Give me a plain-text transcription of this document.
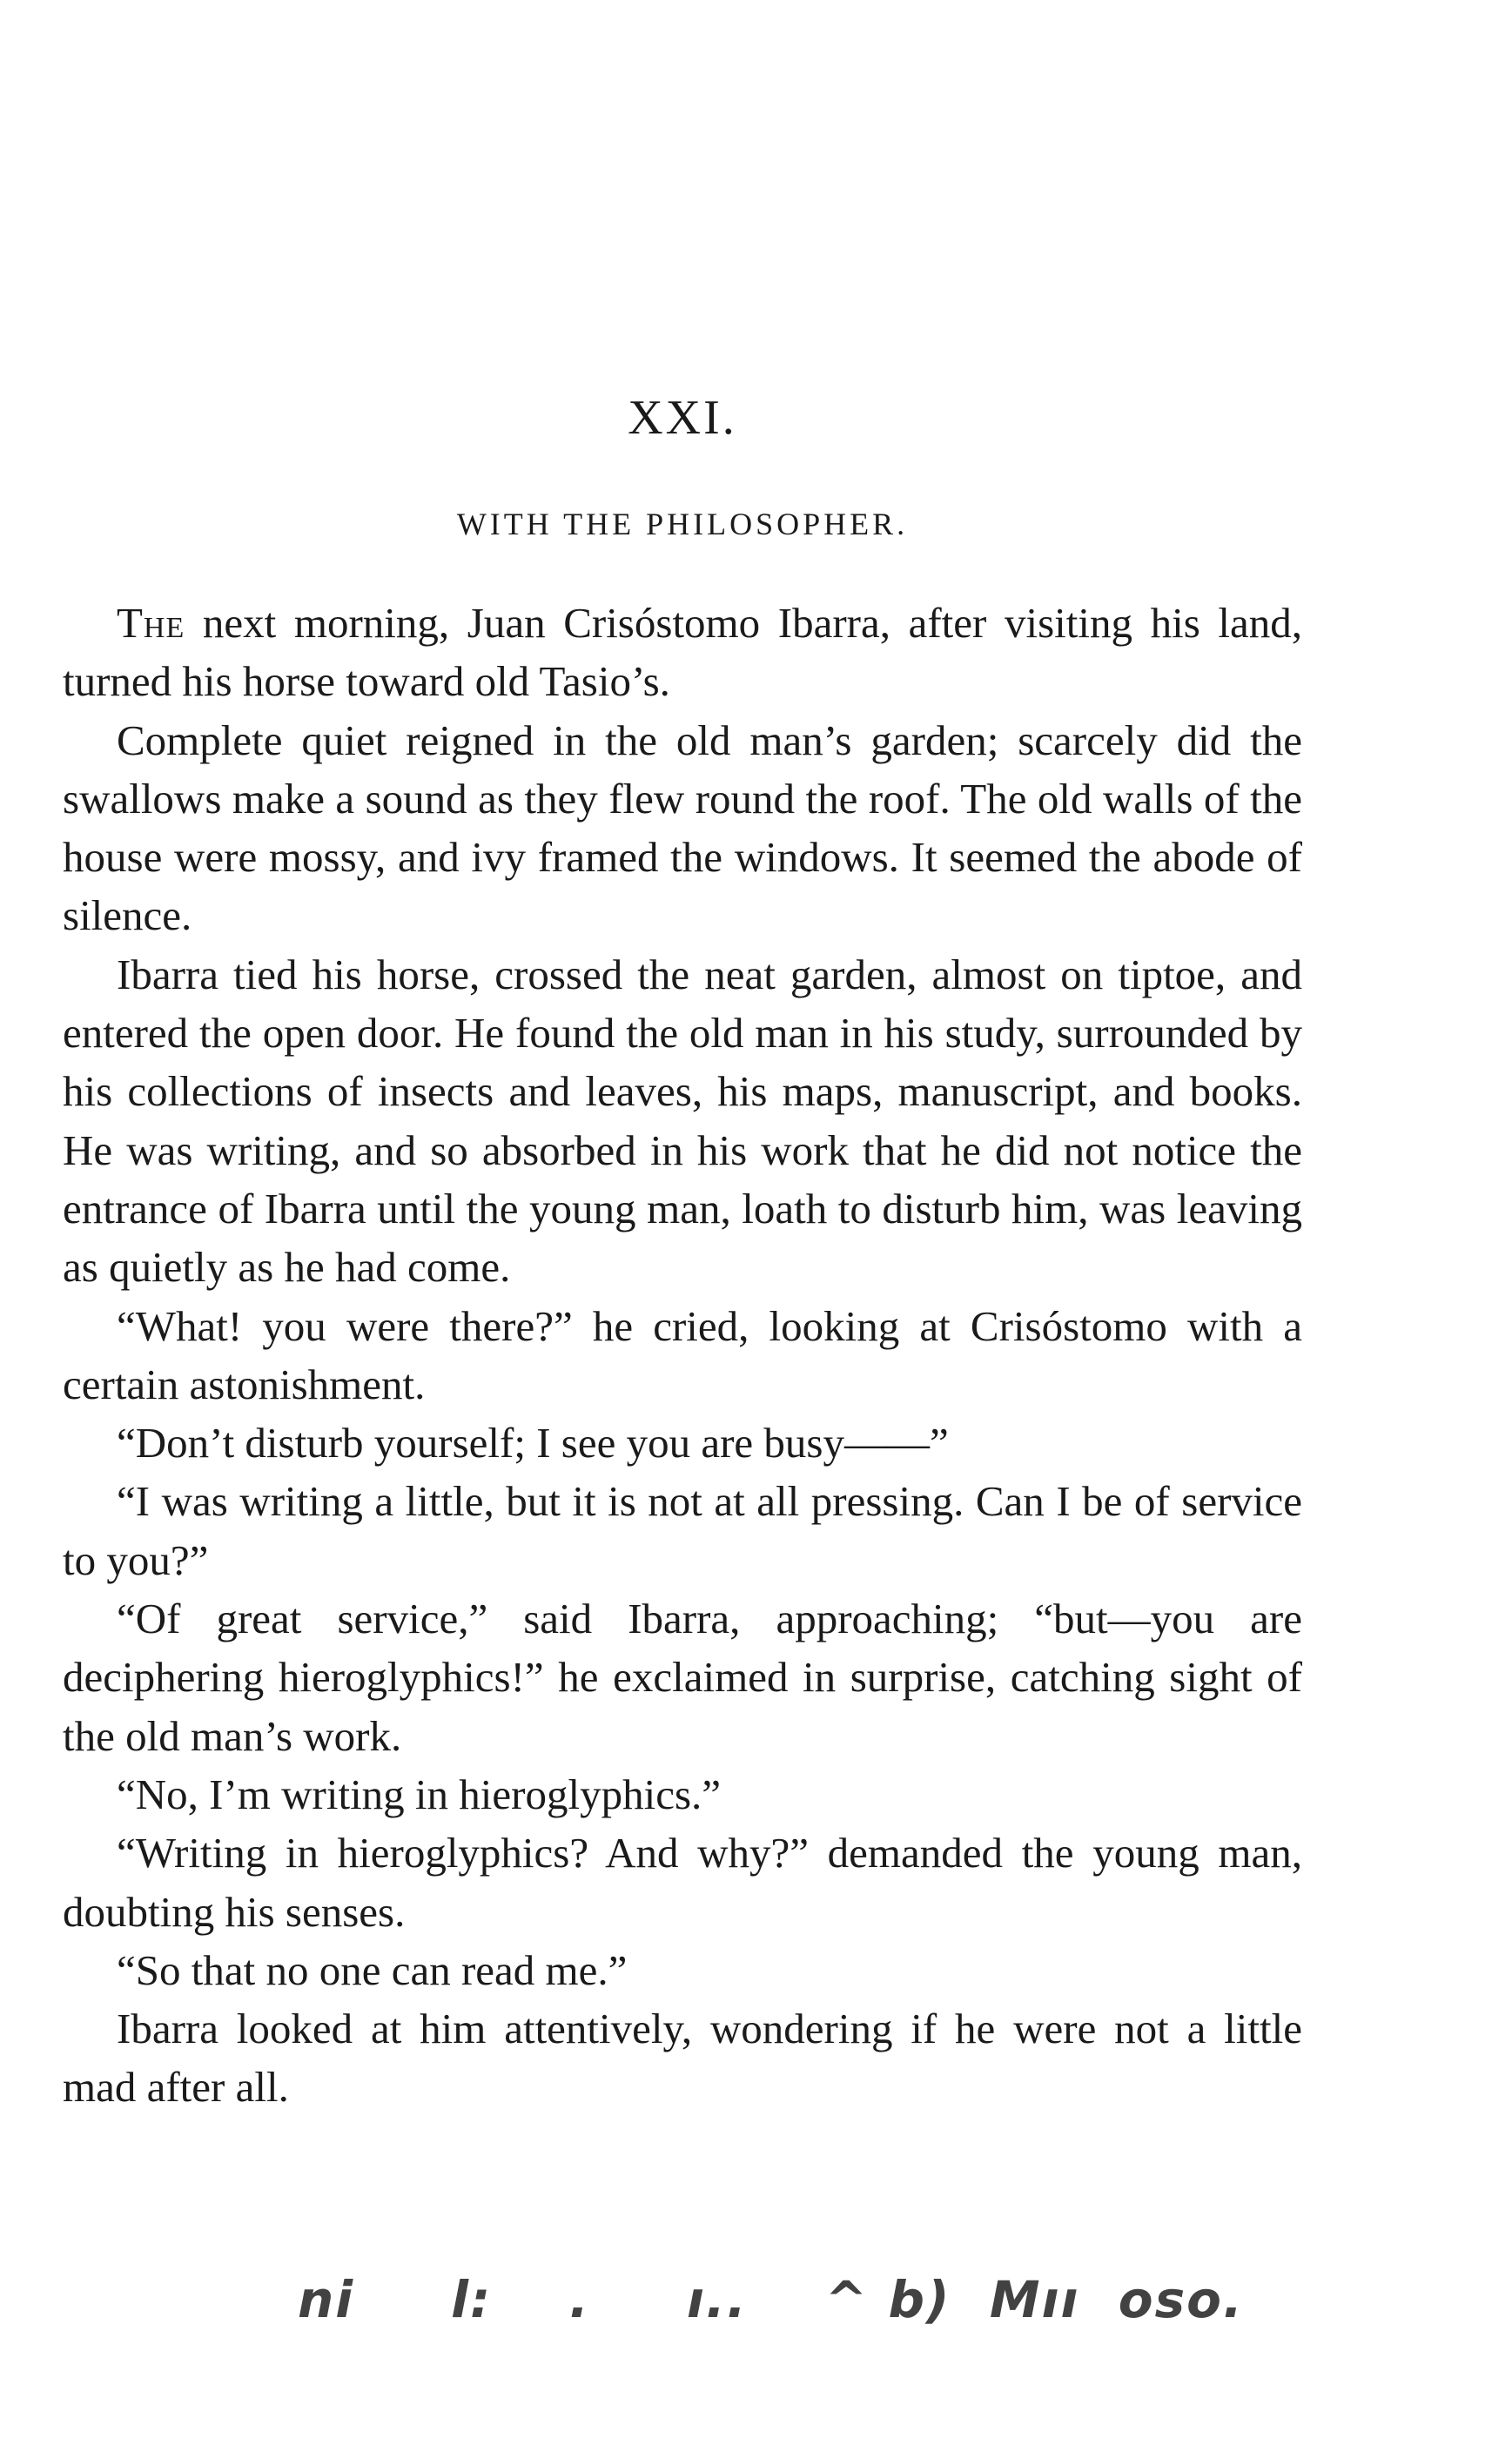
XXI.
WITH THE PHILOSOPHER.

The next morning, Juan Crisóstomo Ibarra, after visiting his land, turned his horse toward old Tasio’s.

Complete quiet reigned in the old man’s garden; scarcely did the swallows make a sound as they flew round the roof. The old walls of the house were mossy, and ivy framed the windows. It seemed the abode of silence.

Ibarra tied his horse, crossed the neat garden, almost on tiptoe, and entered the open door. He found the old man in his study, surrounded by his collections of insects and leaves, his maps, manuscript, and books. He was writing, and so absorbed in his work that he did not notice the entrance of Ibarra until the young man, loath to disturb him, was leaving as quietly as he had come.

“What! you were there?” he cried, looking at Crisóstomo with a certain astonishment.

“Don’t disturb yourself; I see you are busy——”

“I was writing a little, but it is not at all pressing. Can I be of service to you?”

“Of great service,” said Ibarra, approaching; “but—you are deciphering hieroglyphics!” he exclaimed in surprise, catching sight of the old man’s work.

“No, I’m writing in hieroglyphics.”

“Writing in hieroglyphics? And why?” demanded the young man, doubting his senses.

“So that no one can read me.”

Ibarra looked at him attentively, wondering if he were not a little mad after all.

ni     l:    .     ı..    ^ b)  Mıı  oso.
